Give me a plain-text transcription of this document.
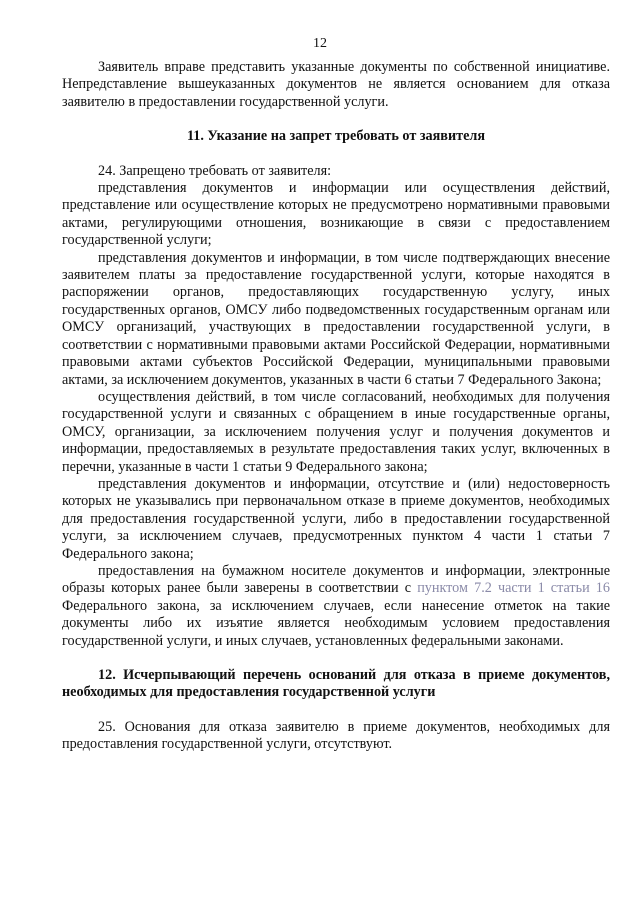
12

Заявитель вправе представить указанные документы по собственной инициативе. Непредставление вышеуказанных документов не является основанием для отказа заявителю в предоставлении государственной услуги.

11. Указание на запрет требовать от заявителя

24. Запрещено требовать от заявителя:

представления документов и информации или осуществления действий, представление или осуществление которых не предусмотрено нормативными правовыми актами, регулирующими отношения, возникающие в связи с предоставлением государственной услуги;

представления документов и информации, в том числе подтверждающих внесение заявителем платы за предоставление государственной услуги, которые находятся в распоряжении органов, предоставляющих государственную услугу, иных государственных органов, ОМСУ либо подведомственных государственным органам или ОМСУ организаций, участвующих в предоставлении государственной услуги, в соответствии с нормативными правовыми актами Российской Федерации, нормативными правовыми актами субъектов Российской Федерации, муниципальными правовыми актами, за исключением документов, указанных в части 6 статьи 7 Федерального Закона;

осуществления действий, в том числе согласований, необходимых для получения государственной услуги и связанных с обращением в иные государственные органы, ОМСУ, организации, за исключением получения услуг и получения документов и информации, предоставляемых в результате предоставления таких услуг, включенных в перечни, указанные в части 1 статьи 9 Федерального закона;

представления документов и информации, отсутствие и (или) недостоверность которых не указывались при первоначальном отказе в приеме документов, необходимых для предоставления государственной услуги, либо в предоставлении государственной услуги, за исключением случаев, предусмотренных пунктом 4 части 1 статьи 7 Федерального закона;

предоставления на бумажном носителе документов и информации, электронные образы которых ранее были заверены в соответствии с пунктом 7.2 части 1 статьи 16 Федерального закона, за исключением случаев, если нанесение отметок на такие документы либо их изъятие является необходимым условием предоставления государственной услуги, и иных случаев, установленных федеральными законами.

12. Исчерпывающий перечень оснований для отказа в приеме документов, необходимых для предоставления государственной услуги

25. Основания для отказа заявителю в приеме документов, необходимых для предоставления государственной услуги, отсутствуют.
